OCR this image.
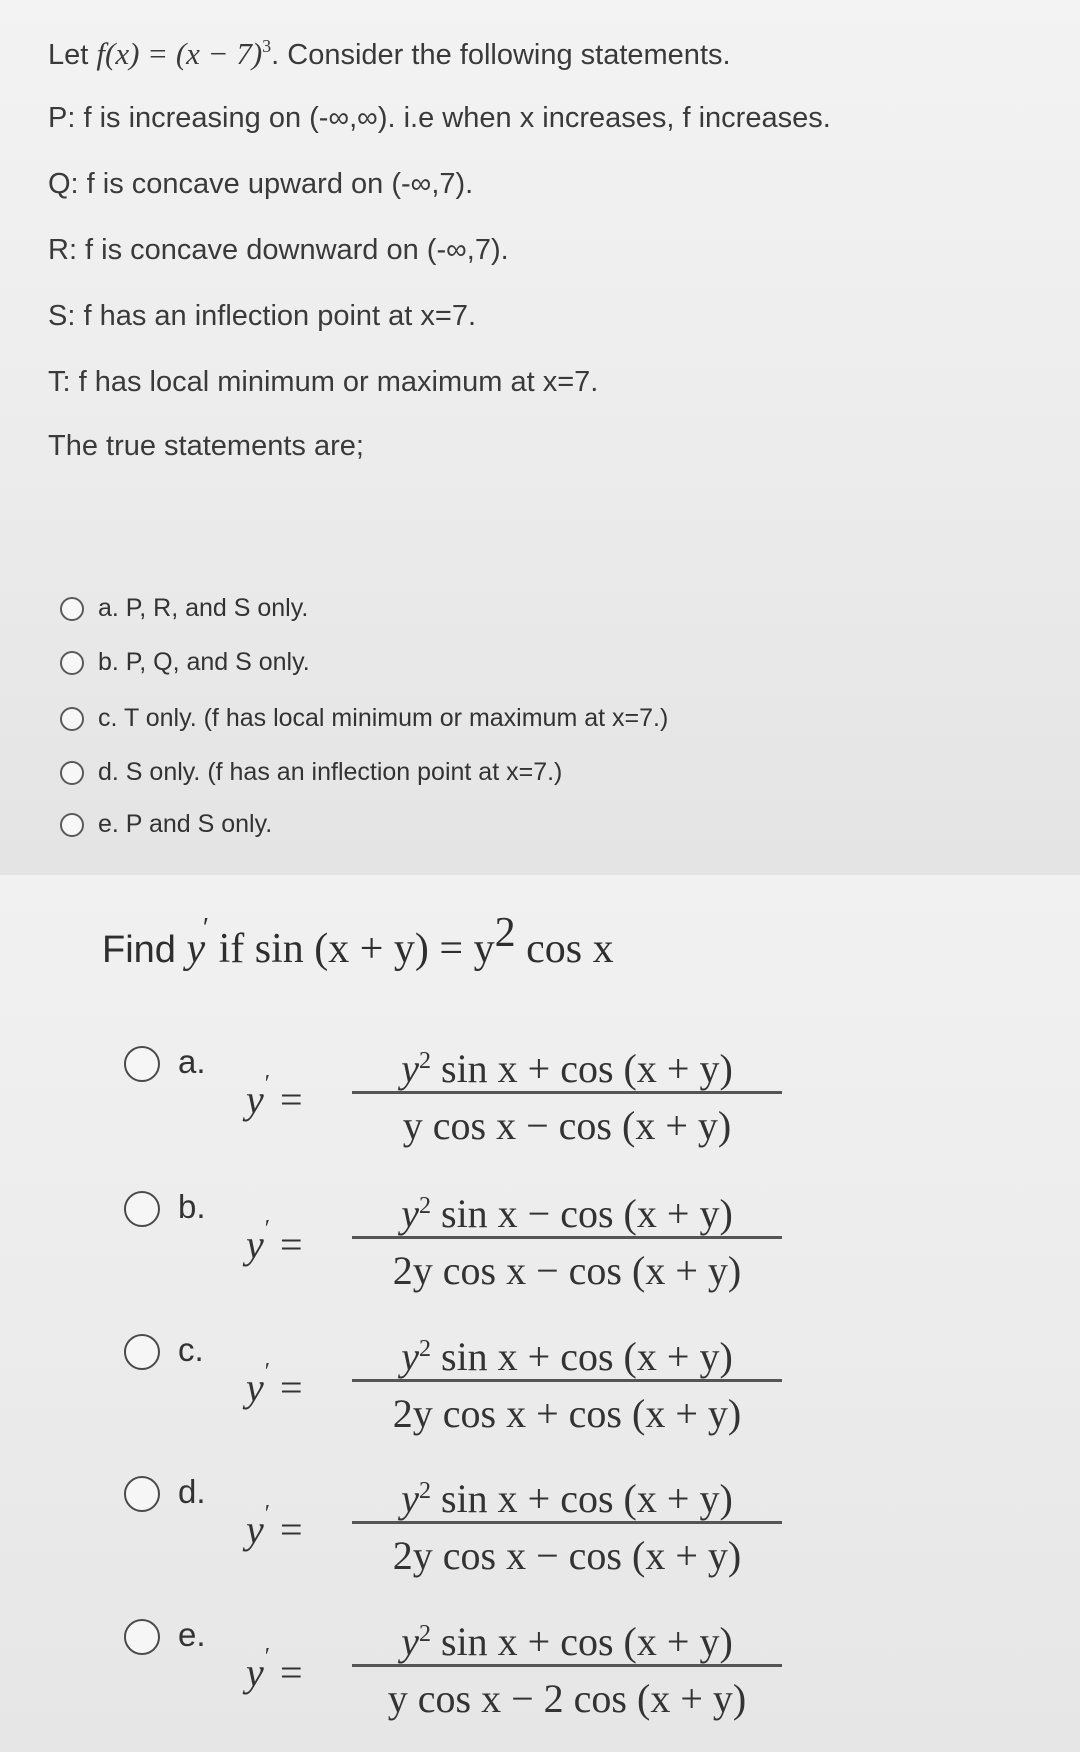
Let $f(x) = (x - 7)^3$. Consider the following statements.
P: f is increasing on (-∞,∞). i.e when x increases, f increases.
Q: f is concave upward on (-∞,7).
R: f is concave downward on (-∞,7).
S: f has an inflection point at x=7.
T: f has local minimum or maximum at x=7.
The true statements are;
a. P, R, and S only.
b. P, Q, and S only.
c. T only. (f has local minimum or maximum at x=7.)
d. S only. (f has an inflection point at x=7.)
e. P and S only.
Find y′ if $\sin (x + y) = y^2$ cos x
a.
y′ =
$y^2$ sin x + cos (x + y)
y cos x − cos (x + y)
b.
y′ =
$y^2$ sin x − cos (x + y)
2y cos x − cos (x + y)
c.
y′ =
$y^2$ sin x + cos (x + y)
2y cos x + cos (x + y)
d.
y′ =
$y^2$ sin x + cos (x + y)
2y cos x − cos (x + y)
e.
y′ =
$y^2$ sin x + cos (x + y)
y cos x − 2 cos (x + y)
